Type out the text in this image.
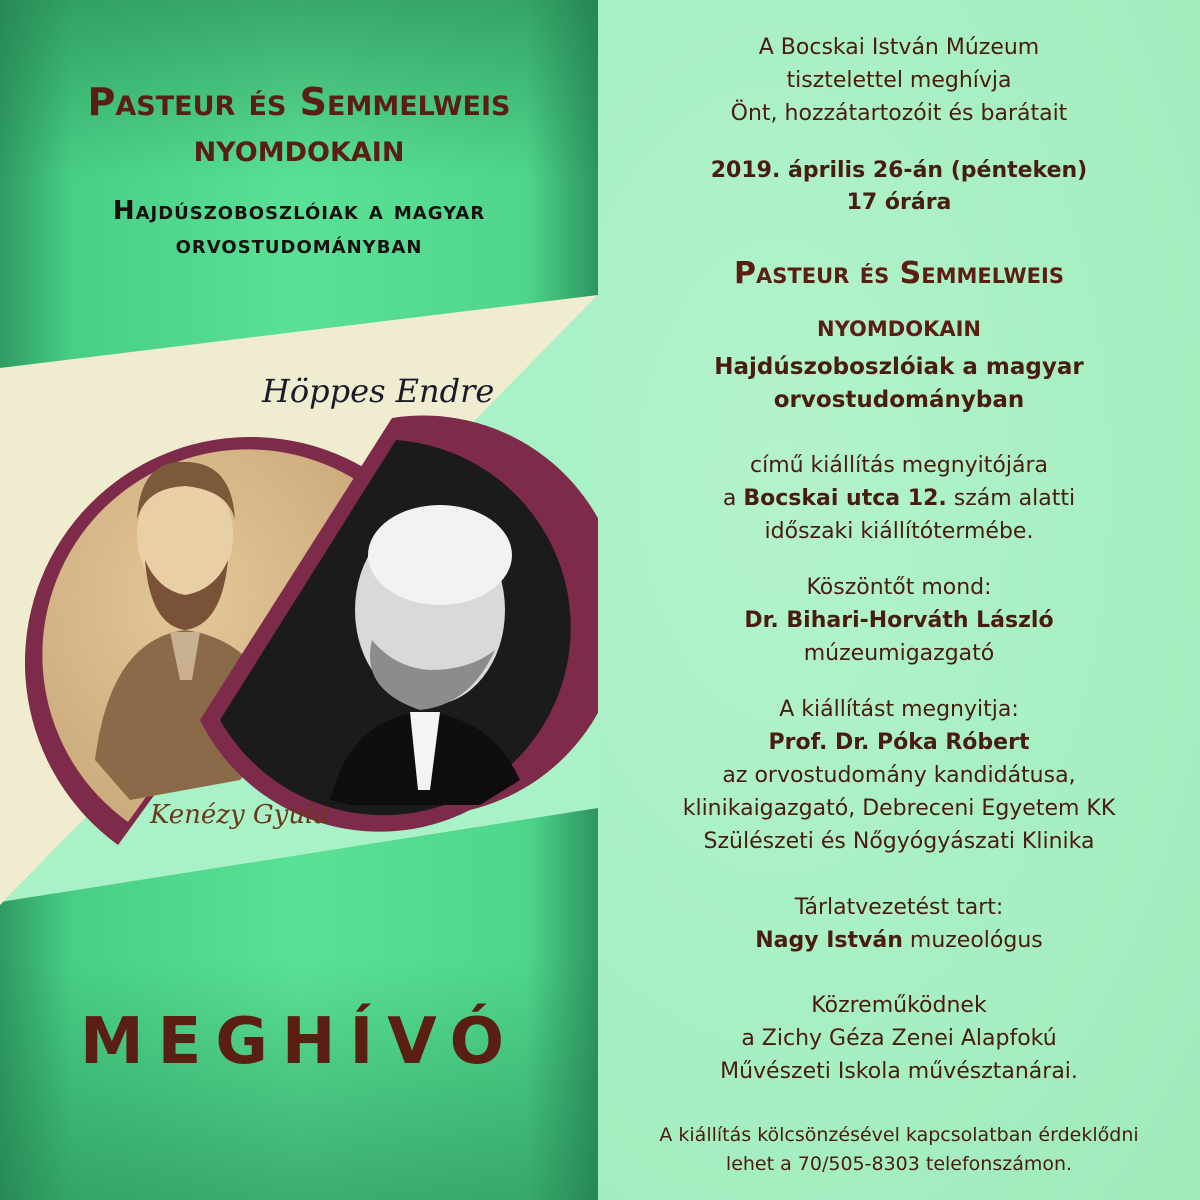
Pasteur és Semmelweis
nyomdokain
Hajdúszoboszlóiak a magyar
orvostudományban
Höppes Endre
Kenézy Gyula
MEGHÍVÓ
A Bocskai István Múzeum
tisztelettel meghívja
Önt, hozzátartozóit és barátait
2019. április 26-án (pénteken)
17 órára
Pasteur és Semmelweis
nyomdokain
Hajdúszoboszlóiak a magyar
orvostudományban
című kiállítás megnyitójára
a Bocskai utca 12. szám alatti
időszaki kiállítótermébe.
Köszöntőt mond:
Dr. Bihari-Horváth László
múzeumigazgató
A kiállítást megnyitja:
Prof. Dr. Póka Róbert
az orvostudomány kandidátusa,
klinikaigazgató, Debreceni Egyetem KK
Szülészeti és Nőgyógyászati Klinika
Tárlatvezetést tart:
Nagy István muzeológus
Közreműködnek
a Zichy Géza Zenei Alapfokú
Művészeti Iskola művésztanárai.
A kiállítás kölcsönzésével kapcsolatban érdeklődni
lehet a 70/505-8303 telefonszámon.
